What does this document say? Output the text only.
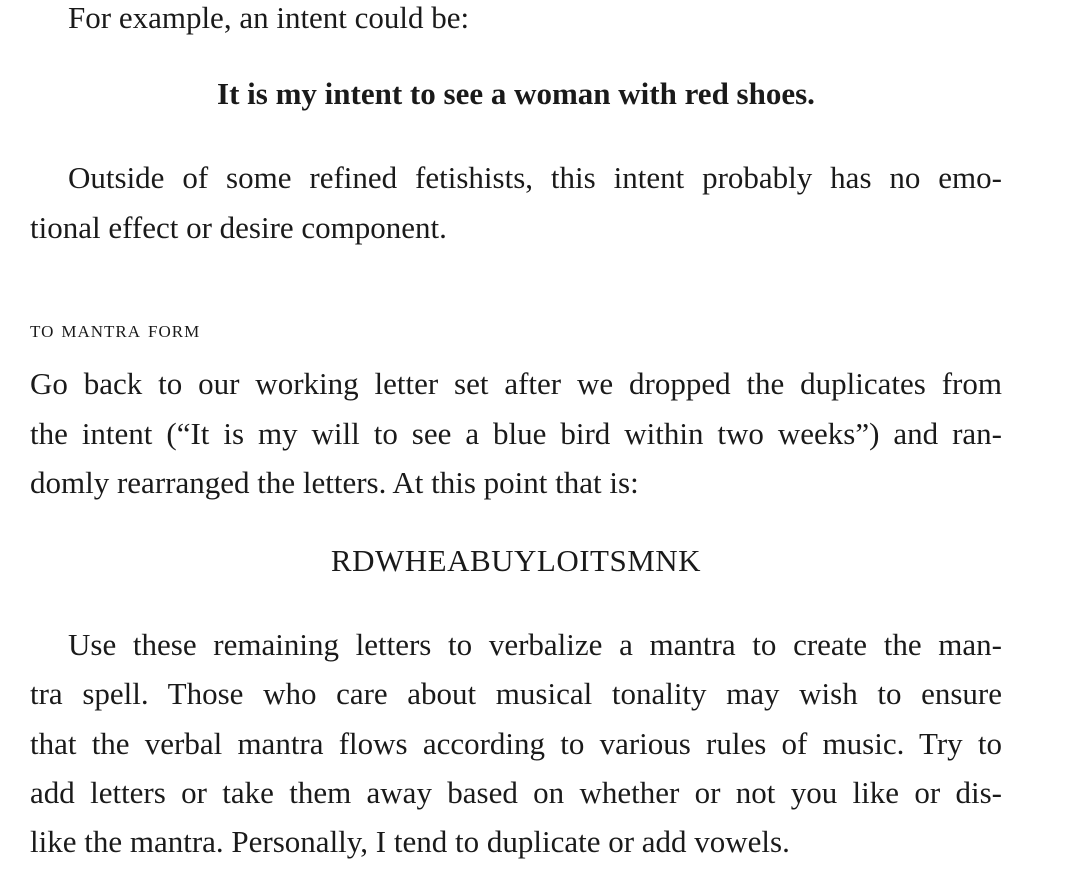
For example, an intent could be:
It is my intent to see a woman with red shoes.
Outside of some refined fetishists, this intent probably has no emo-
tional effect or desire component.
to mantra form
Go back to our working letter set after we dropped the duplicates from
the intent (“It is my will to see a blue bird within two weeks”) and ran-
domly rearranged the letters. At this point that is:
RDWHEABUYLOITSMNK
Use these remaining letters to verbalize a mantra to create the man-
tra spell. Those who care about musical tonality may wish to ensure
that the verbal mantra flows according to various rules of music. Try to
add letters or take them away based on whether or not you like or dis-
like the mantra. Personally, I tend to duplicate or add vowels.
